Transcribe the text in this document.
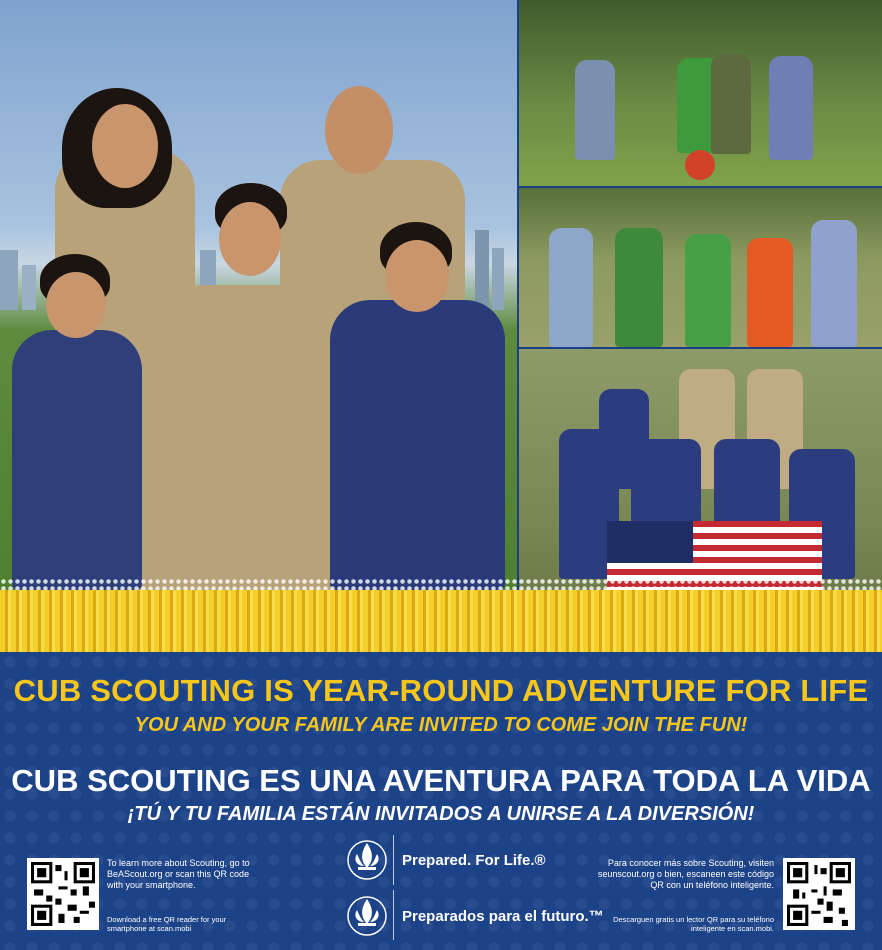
CUB SCOUTING IS YEAR-ROUND ADVENTURE FOR LIFE

YOU AND YOUR FAMILY ARE INVITED TO COME JOIN THE FUN!

CUB SCOUTING ES UNA AVENTURA PARA TODA LA VIDA

¡TÚ Y TU FAMILIA ESTÁN INVITADOS A UNIRSE A LA DIVERSIÓN!

To learn more about Scouting, go to BeAScout.org or scan this QR code with your smartphone.

Download a free QR reader for your smartphone at scan.mobi

Prepared. For Life.®

Preparados para el futuro.™

Para conocer más sobre Scouting, visiten seunscout.org o bien, escaneen este código QR con un teléfono inteligente.

Descarguen gratis un lector QR para su teléfono inteligente en scan.mobi.
